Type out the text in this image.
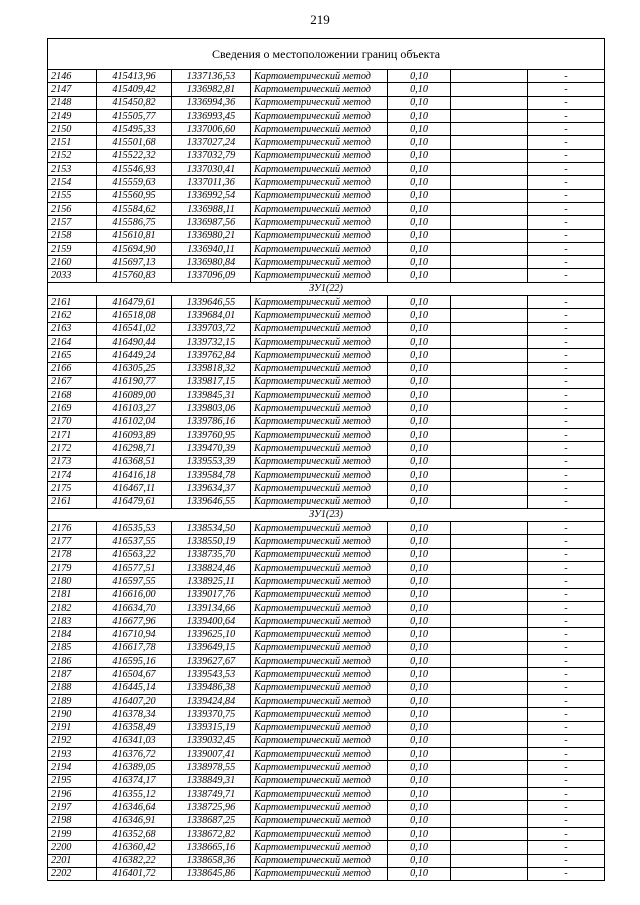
219
Сведения о местоположении границ объекта
2146	415413,96	1337136,53	Картометрический метод	0,10		-
2147	415409,42	1336982,81	Картометрический метод	0,10		-
2148	415450,82	1336994,36	Картометрический метод	0,10		-
2149	415505,77	1336993,45	Картометрический метод	0,10		-
2150	415495,33	1337006,60	Картометрический метод	0,10		-
2151	415501,68	1337027,24	Картометрический метод	0,10		-
2152	415522,32	1337032,79	Картометрический метод	0,10		-
2153	415546,93	1337030,41	Картометрический метод	0,10		-
2154	415559,63	1337011,36	Картометрический метод	0,10		-
2155	415560,95	1336992,54	Картометрический метод	0,10		-
2156	415584,62	1336988,11	Картометрический метод	0,10		-
2157	415586,75	1336987,56	Картометрический метод	0,10		-
2158	415610,81	1336980,21	Картометрический метод	0,10		-
2159	415694,90	1336940,11	Картометрический метод	0,10		-
2160	415697,13	1336980,84	Картометрический метод	0,10		-
2033	415760,83	1337096,09	Картометрический метод	0,10		-
ЗУ1(22)						
2161	416479,61	1339646,55	Картометрический метод	0,10		-
2162	416518,08	1339684,01	Картометрический метод	0,10		-
2163	416541,02	1339703,72	Картометрический метод	0,10		-
2164	416490,44	1339732,15	Картометрический метод	0,10		-
2165	416449,24	1339762,84	Картометрический метод	0,10		-
2166	416305,25	1339818,32	Картометрический метод	0,10		-
2167	416190,77	1339817,15	Картометрический метод	0,10		-
2168	416089,00	1339845,31	Картометрический метод	0,10		-
2169	416103,27	1339803,06	Картометрический метод	0,10		-
2170	416102,04	1339786,16	Картометрический метод	0,10		-
2171	416093,89	1339760,95	Картометрический метод	0,10		-
2172	416298,71	1339470,39	Картометрический метод	0,10		-
2173	416368,51	1339553,39	Картометрический метод	0,10		-
2174	416416,18	1339584,78	Картометрический метод	0,10		-
2175	416467,11	1339634,37	Картометрический метод	0,10		-
2161	416479,61	1339646,55	Картометрический метод	0,10		-
ЗУ1(23)						
2176	416535,53	1338534,50	Картометрический метод	0,10		-
2177	416537,55	1338550,19	Картометрический метод	0,10		-
2178	416563,22	1338735,70	Картометрический метод	0,10		-
2179	416577,51	1338824,46	Картометрический метод	0,10		-
2180	416597,55	1338925,11	Картометрический метод	0,10		-
2181	416616,00	1339017,76	Картометрический метод	0,10		-
2182	416634,70	1339134,66	Картометрический метод	0,10		-
2183	416677,96	1339400,64	Картометрический метод	0,10		-
2184	416710,94	1339625,10	Картометрический метод	0,10		-
2185	416617,78	1339649,15	Картометрический метод	0,10		-
2186	416595,16	1339627,67	Картометрический метод	0,10		-
2187	416504,67	1339543,53	Картометрический метод	0,10		-
2188	416445,14	1339486,38	Картометрический метод	0,10		-
2189	416407,20	1339424,84	Картометрический метод	0,10		-
2190	416378,34	1339370,75	Картометрический метод	0,10		-
2191	416358,49	1339315,19	Картометрический метод	0,10		-
2192	416341,03	1339032,45	Картометрический метод	0,10		-
2193	416376,72	1339007,41	Картометрический метод	0,10		-
2194	416389,05	1338978,55	Картометрический метод	0,10		-
2195	416374,17	1338849,31	Картометрический метод	0,10		-
2196	416355,12	1338749,71	Картометрический метод	0,10		-
2197	416346,64	1338725,96	Картометрический метод	0,10		-
2198	416346,91	1338687,25	Картометрический метод	0,10		-
2199	416352,68	1338672,82	Картометрический метод	0,10		-
2200	416360,42	1338665,16	Картометрический метод	0,10		-
2201	416382,22	1338658,36	Картометрический метод	0,10		-
2202	416401,72	1338645,86	Картометрический метод	0,10		-
